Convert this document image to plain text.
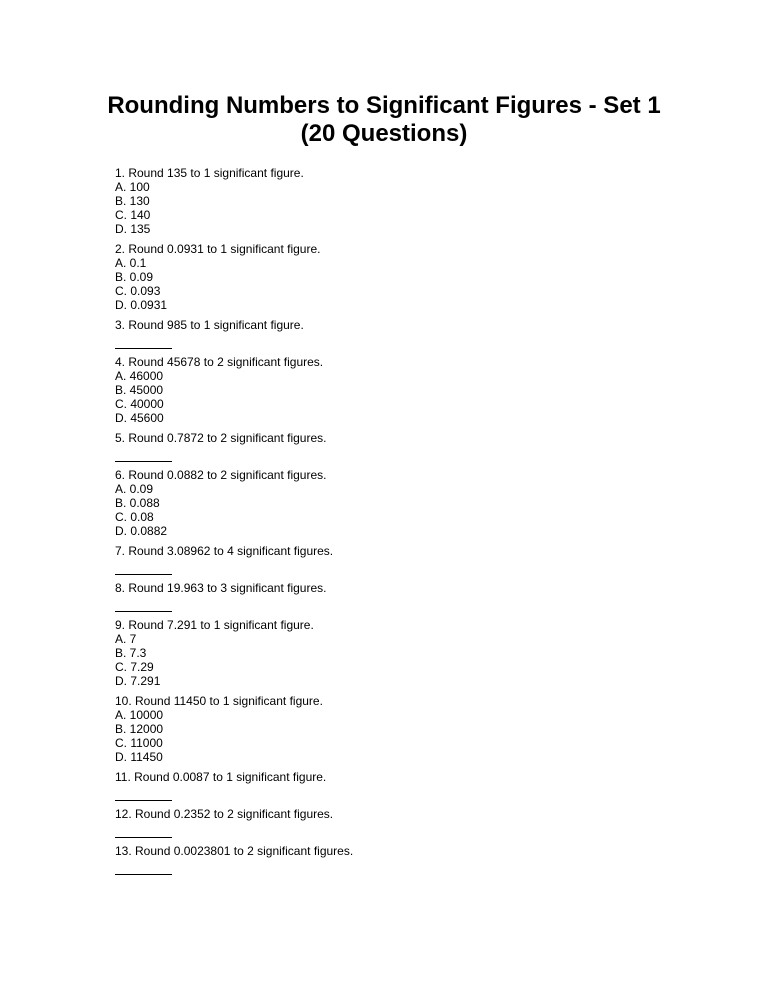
Rounding Numbers to Significant Figures - Set 1
(20 Questions)

1. Round 135 to 1 significant figure.

A. 100

B. 130

C. 140

D. 135

2. Round 0.0931 to 1 significant figure.

A. 0.1

B. 0.09

C. 0.093

D. 0.0931

3. Round 985 to 1 significant figure.

4. Round 45678 to 2 significant figures.

A. 46000

B. 45000

C. 40000

D. 45600

5. Round 0.7872 to 2 significant figures.

6. Round 0.0882 to 2 significant figures.

A. 0.09

B. 0.088

C. 0.08

D. 0.0882

7. Round 3.08962 to 4 significant figures.

8. Round 19.963 to 3 significant figures.

9. Round 7.291 to 1 significant figure.

A. 7

B. 7.3

C. 7.29

D. 7.291

10. Round 11450 to 1 significant figure.

A. 10000

B. 12000

C. 11000

D. 11450

11. Round 0.0087 to 1 significant figure.

12. Round 0.2352 to 2 significant figures.

13. Round 0.0023801 to 2 significant figures.
